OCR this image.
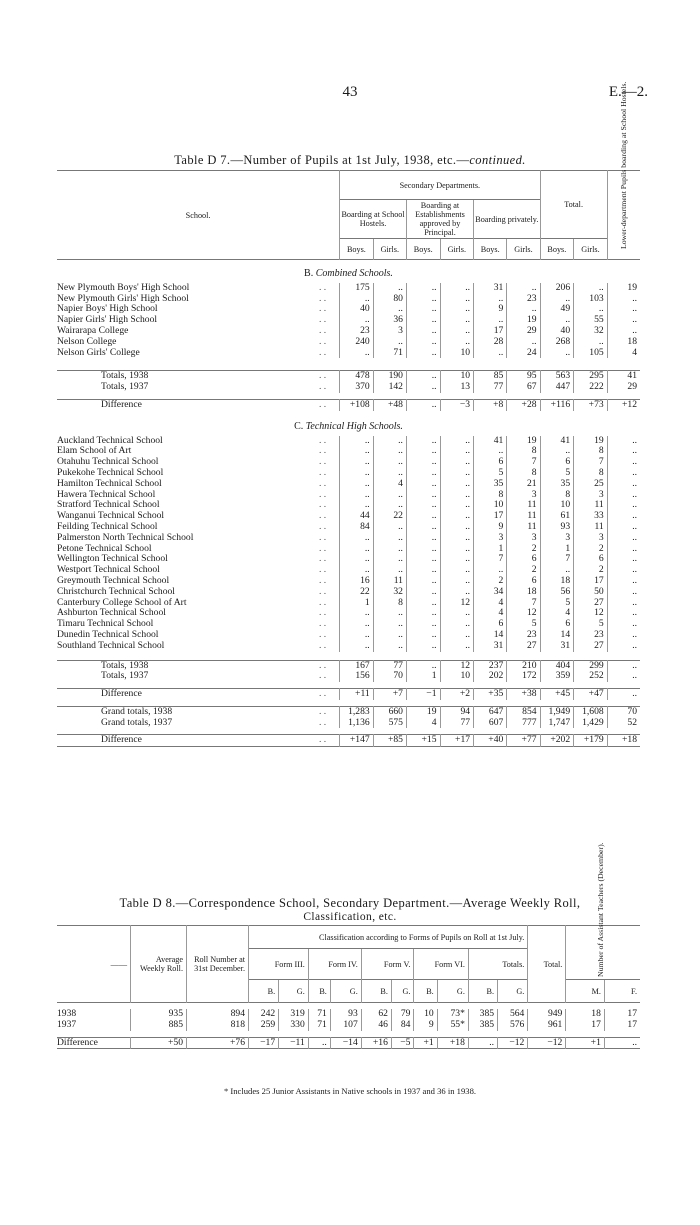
43	E.—2.
Table D 7.—Number of Pupils at 1st July, 1938, etc.—continued.
School.	Secondary Departments.						Total.		Lower-department Pupils boarding at School Hostels.

	Boarding at School Hostels.		Boarding at Establishments approved by Principal.		Boarding privately.				
	Boys.	Girls.	Boys.	Girls.	Boys.	Girls.	Boys.	Girls.	

B. Combined Schools.									
New Plymouth Boys' High School . .	175	..	..	..	31	..	206	..	19
New Plymouth Girls' High School . .	..	80	..	..	..	23	..	103	..
Napier Boys' High School . .	40	..	..	..	9	..	49	..	..
Napier Girls' High School . .	..	36	..	..	..	19	..	55	..
Wairarapa College . .	23	3	..	..	17	29	40	32	..
Nelson College . .	240	..	..	..	28	..	268	..	18
Nelson Girls' College . .	..	71	..	10	..	24	..	105	4

Totals, 1938 . .	478	190	..	10	85	95	563	295	41
Totals, 1937 . .	370	142	..	13	77	67	447	222	29

Difference . .	+108	+48	..	−3	+8	+28	+116	+73	+12

C. Technical High Schools.									
Auckland Technical School . .	..	..	..	..	41	19	41	19	..
Elam School of Art . .	..	..	..	..	..	8	..	8	..
Otahuhu Technical School . .	..	..	..	..	6	7	6	7	..
Pukekohe Technical School . .	..	..	..	..	5	8	5	8	..
Hamilton Technical School . .	..	4	..	..	35	21	35	25	..
Hawera Technical School . .	..	..	..	..	8	3	8	3	..
Stratford Technical School . .	..	..	..	..	10	11	10	11	..
Wanganui Technical School . .	44	22	..	..	17	11	61	33	..
Feilding Technical School . .	84	..	..	..	9	11	93	11	..
Palmerston North Technical School . .	..	..	..	..	3	3	3	3	..
Petone Technical School . .	..	..	..	..	1	2	1	2	..
Wellington Technical School . .	..	..	..	..	7	6	7	6	..
Westport Technical School . .	..	..	..	..	..	2	..	2	..
Greymouth Technical School . .	16	11	..	..	2	6	18	17	..
Christchurch Technical School . .	22	32	..	..	34	18	56	50	..
Canterbury College School of Art . .	1	8	..	12	4	7	5	27	..
Ashburton Technical School . .	..	..	..	..	4	12	4	12	..
Timaru Technical School . .	..	..	..	..	6	5	6	5	..
Dunedin Technical School . .	..	..	..	..	14	23	14	23	..
Southland Technical School . .	..	..	..	..	31	27	31	27	..

Totals, 1938 . .	167	77	..	12	237	210	404	299	..
Totals, 1937 . .	156	70	1	10	202	172	359	252	..

Difference . .	+11	+7	−1	+2	+35	+38	+45	+47	..

Grand totals, 1938 . .	1,283	660	19	94	647	854	1,949	1,608	70
Grand totals, 1937 . .	1,136	575	4	77	607	777	1,747	1,429	52

Difference . .	+147	+85	+15	+17	+40	+77	+202	+179	+18
Table D 8.—Correspondence School, Secondary Department.—Average Weekly Roll,
Classification, etc.
——	Average Weekly Roll.	Roll Number at 31st December.	Classification according to Forms of Pupils on Roll at 1st July.										Total.	Number of Assistant Teachers (December).	

			Form III.		Form IV.		Form V.		Form VI.		Totals.				
			B.	G.	B.	G.	B.	G.	B.	G.	B.	G.		M.	F.

1938	935	894	242	319	71	93	62	79	10	73*	385	564	949	18	17
1937	885	818	259	330	71	107	46	84	9	55*	385	576	961	17	17

Difference	+50	+76	−17	−11	..	−14	+16	−5	+1	+18	..	−12	−12	+1	..
* Includes 25 Junior Assistants in Native schools in 1937 and 36 in 1938.
